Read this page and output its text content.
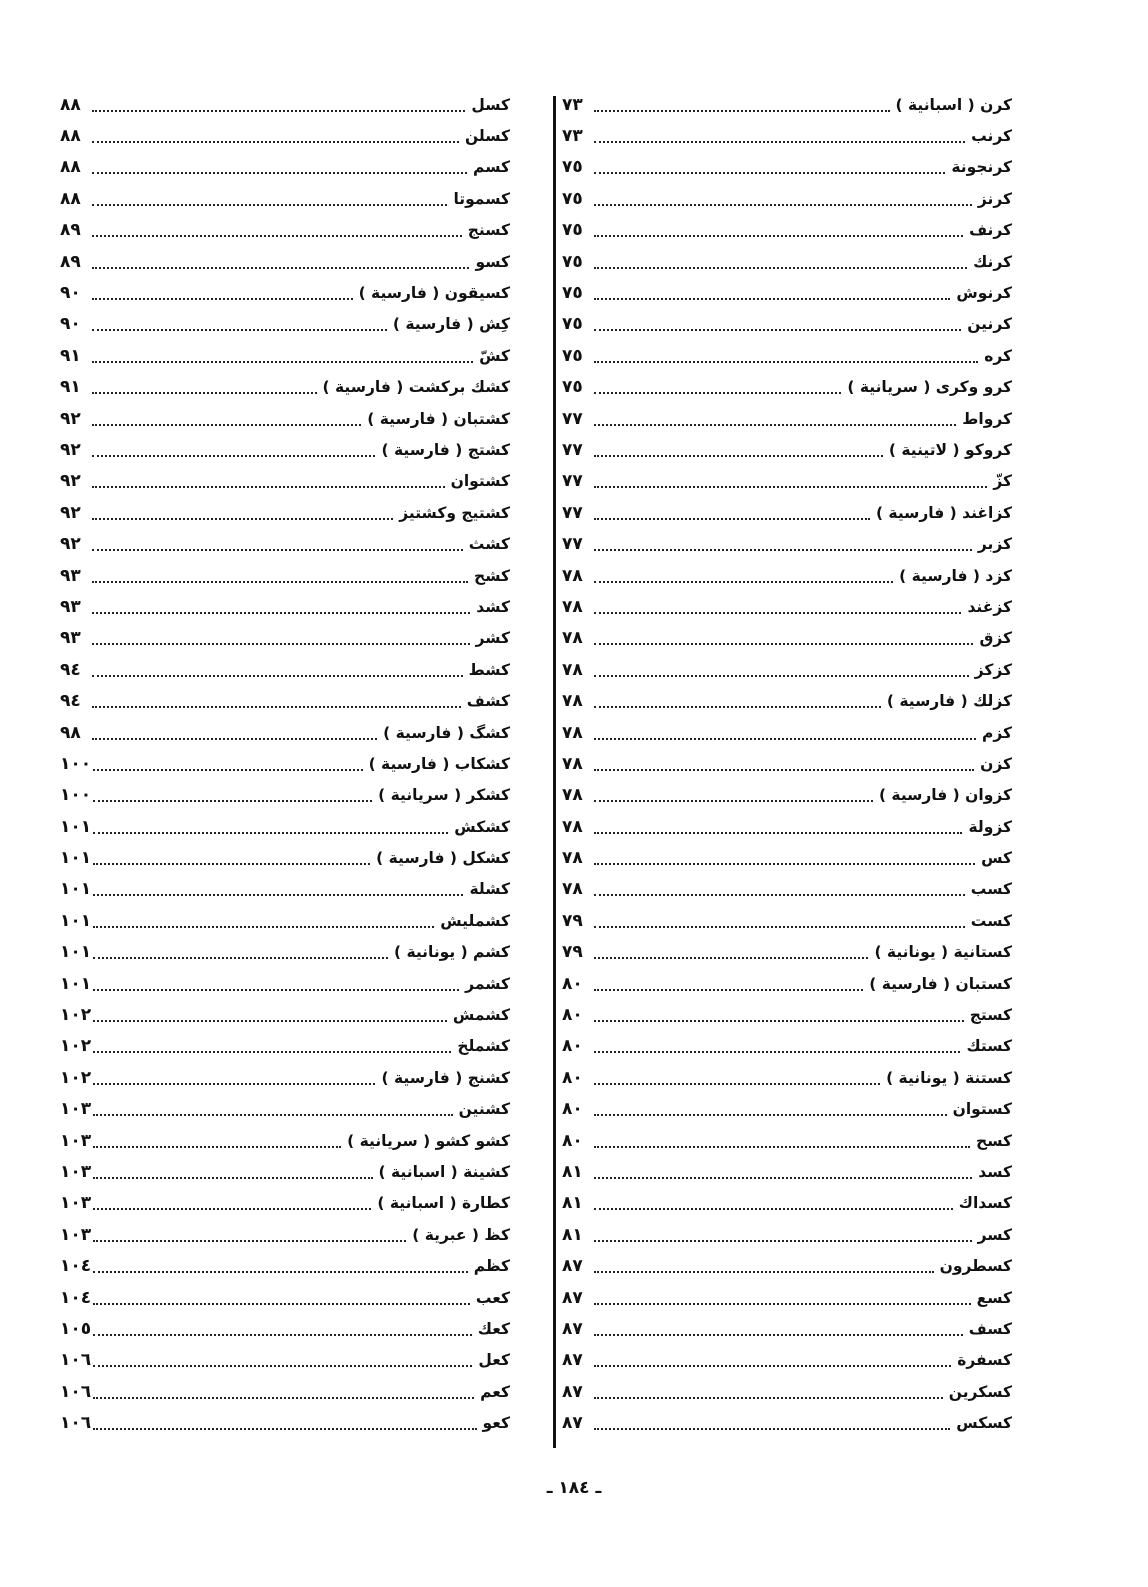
كرن ( اسبانية )
٧٣
كرنب
٧٣
كرنجونة
٧٥
كرنز
٧٥
كرنف
٧٥
كرنك
٧٥
كرنوش
٧٥
كرنين
٧٥
كره
٧٥
كرو وكرى ( سريانية )
٧٥
كرواط
٧٧
كروكو ( لاتينية )
٧٧
كزّ
٧٧
كزاغند ( فارسية )
٧٧
كزبر
٧٧
كزد ( فارسية )
٧٨
كزغند
٧٨
كزق
٧٨
كزكز
٧٨
كزلك ( فارسية )
٧٨
كزم
٧٨
كزن
٧٨
كزوان ( فارسية )
٧٨
كزولة
٧٨
كس
٧٨
كسب
٧٨
كست
٧٩
كستانية ( يونانية )
٧٩
كستبان ( فارسية )
٨٠
كستج
٨٠
كستك
٨٠
كستنة ( يونانية )
٨٠
كستوان
٨٠
كسح
٨٠
كسد
٨١
كسداك
٨١
كسر
٨١
كسطرون
٨٧
كسع
٨٧
كسف
٨٧
كسفرة
٨٧
كسكرين
٨٧
كسكس
٨٧
كسل
٨٨
كسلن
٨٨
كسم
٨٨
كسموتا
٨٨
كسنج
٨٩
كسو
٨٩
كسيقون ( فارسية )
٩٠
كِش ( فارسية )
٩٠
كشّ
٩١
كشك بركشت ( فارسية )
٩١
كشتبان ( فارسية )
٩٢
كشتج ( فارسية )
٩٢
كشتوان
٩٢
كشتيج وكشتيز
٩٢
كشث
٩٢
كشح
٩٣
كشد
٩٣
كشر
٩٣
كشط
٩٤
كشف
٩٤
كشگ ( فارسية )
٩٨
كشكاب ( فارسية )
١٠٠
كشكر ( سريانية )
١٠٠
كشكش
١٠١
كشكل ( فارسية )
١٠١
كشلة
١٠١
كشمليش
١٠١
كشم ( يونانية )
١٠١
كشمر
١٠١
كشمش
١٠٢
كشملخ
١٠٢
كشنج ( فارسية )
١٠٢
كشنين
١٠٣
كشو كشو ( سريانية )
١٠٣
كشينة ( اسبانية )
١٠٣
كطارة ( اسبانية )
١٠٣
كظ ( عبرية )
١٠٣
كظم
١٠٤
كعب
١٠٤
كعك
١٠٥
كعل
١٠٦
كعم
١٠٦
كعو
١٠٦
ـ ١٨٤ ـ
